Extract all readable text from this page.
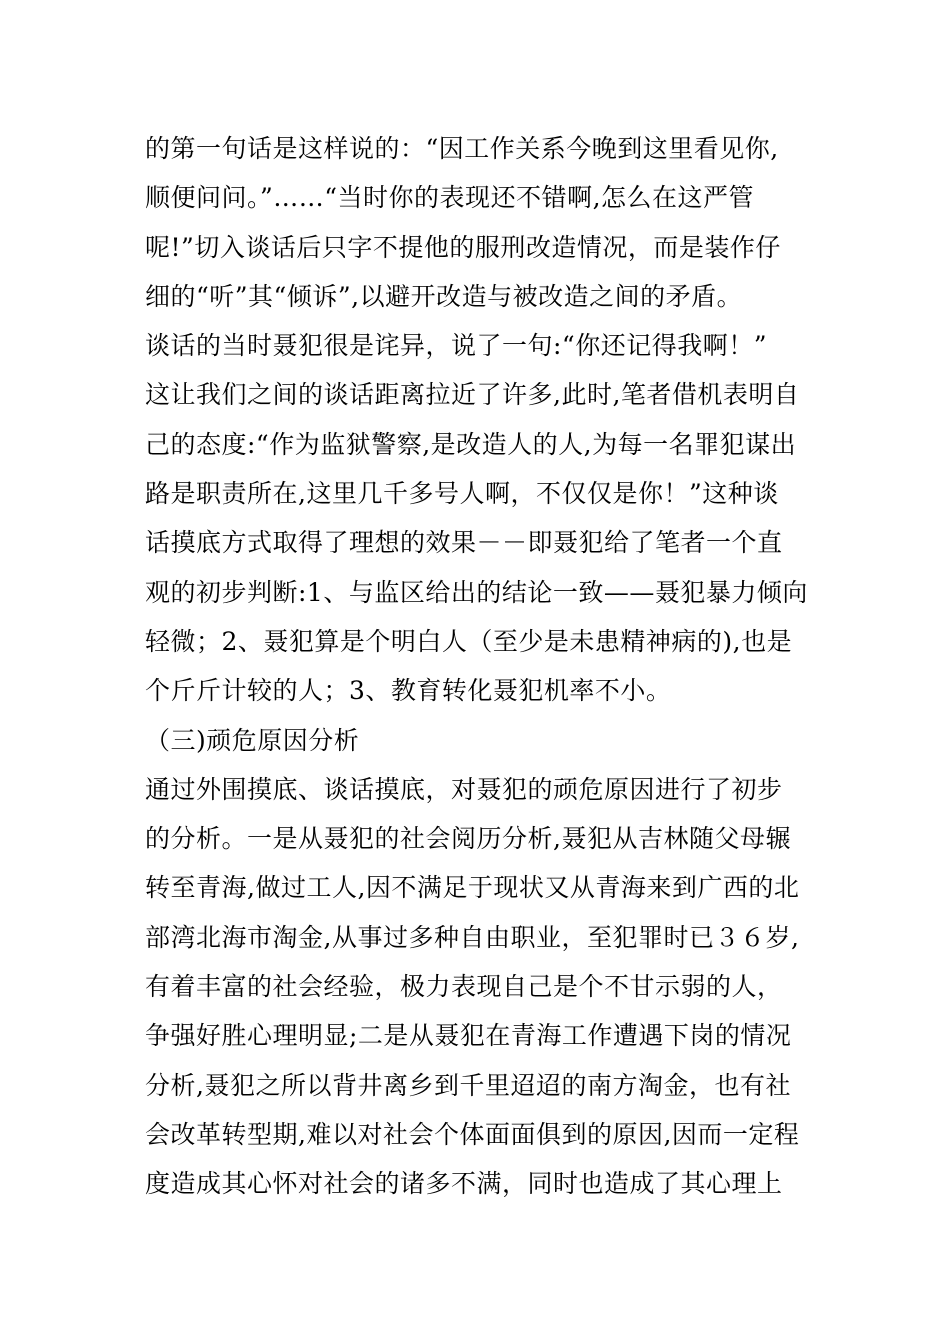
的第一句话是这样说的：“因工作关系今晚到这里看见你,
顺便问问。”……“当时你的表现还不错啊,怎么在这严管
呢!”切入谈话后只字不提他的服刑改造情况，而是装作仔
细的“听”其“倾诉”,以避开改造与被改造之间的矛盾。
谈话的当时聂犯很是诧异，说了一句:“你还记得我啊！”
这让我们之间的谈话距离拉近了许多,此时,笔者借机表明自
己的态度:“作为监狱警察,是改造人的人,为每一名罪犯谋出
路是职责所在,这里几千多号人啊，不仅仅是你！”这种谈
话摸底方式取得了理想的效果－－即聂犯给了笔者一个直
观的初步判断:1、与监区给出的结论一致——聂犯暴力倾向
轻微；2、聂犯算是个明白人（至少是未患精神病的),也是
个斤斤计较的人；3、教育转化聂犯机率不小。
（三)顽危原因分析
通过外围摸底、谈话摸底，对聂犯的顽危原因进行了初步
的分析。一是从聂犯的社会阅历分析,聂犯从吉林随父母辗
转至青海,做过工人,因不满足于现状又从青海来到广西的北
部湾北海市淘金,从事过多种自由职业，至犯罪时已３６岁,
有着丰富的社会经验，极力表现自己是个不甘示弱的人，
争强好胜心理明显;二是从聂犯在青海工作遭遇下岗的情况
分析,聂犯之所以背井离乡到千里迢迢的南方淘金，也有社
会改革转型期,难以对社会个体面面俱到的原因,因而一定程
度造成其心怀对社会的诸多不满，同时也造成了其心理上
